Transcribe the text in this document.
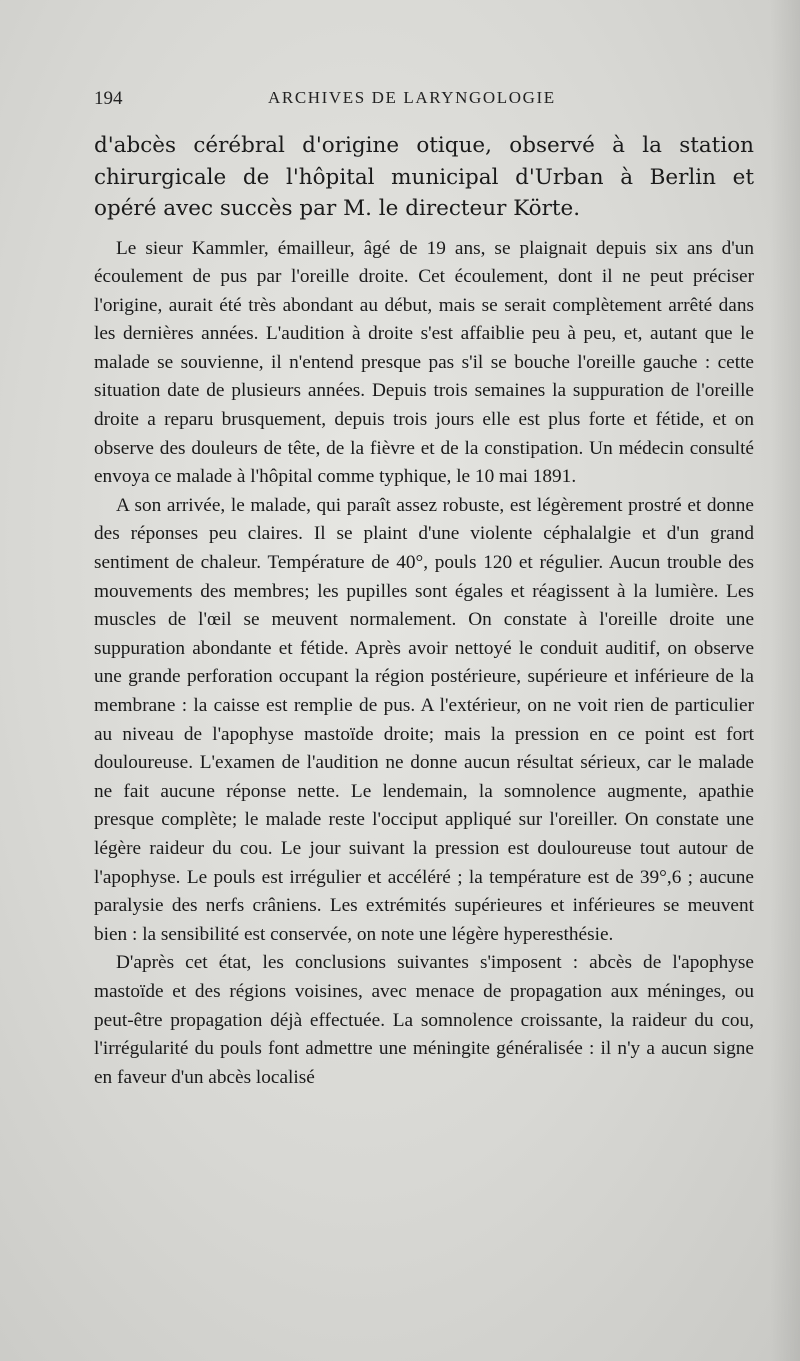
194	ARCHIVES DE LARYNGOLOGIE

d'abcès cérébral d'origine otique, observé à la station chirurgicale de l'hôpital municipal d'Urban à Berlin et opéré avec succès par M. le directeur Körte.

Le sieur Kammler, émailleur, âgé de 19 ans, se plaignait depuis six ans d'un écoulement de pus par l'oreille droite. Cet écoulement, dont il ne peut préciser l'origine, aurait été très abondant au début, mais se serait complètement arrêté dans les dernières années. L'audition à droite s'est affaiblie peu à peu, et, autant que le malade se souvienne, il n'entend presque pas s'il se bouche l'oreille gauche : cette situation date de plusieurs années. Depuis trois semaines la suppuration de l'oreille droite a reparu brusquement, depuis trois jours elle est plus forte et fétide, et on observe des douleurs de tête, de la fièvre et de la constipation. Un médecin consulté envoya ce malade à l'hôpital comme typhique, le 10 mai 1891.

A son arrivée, le malade, qui paraît assez robuste, est légèrement prostré et donne des réponses peu claires. Il se plaint d'une violente céphalalgie et d'un grand sentiment de chaleur. Température de 40°, pouls 120 et régulier. Aucun trouble des mouvements des membres; les pupilles sont égales et réagissent à la lumière. Les muscles de l'œil se meuvent normalement. On constate à l'oreille droite une suppuration abondante et fétide. Après avoir nettoyé le conduit auditif, on observe une grande perforation occupant la région postérieure, supérieure et inférieure de la membrane : la caisse est remplie de pus. A l'extérieur, on ne voit rien de particulier au niveau de l'apophyse mastoïde droite; mais la pression en ce point est fort douloureuse. L'examen de l'audition ne donne aucun résultat sérieux, car le malade ne fait aucune réponse nette. Le lendemain, la somnolence augmente, apathie presque complète; le malade reste l'occiput appliqué sur l'oreiller. On constate une légère raideur du cou. Le jour suivant la pression est douloureuse tout autour de l'apophyse. Le pouls est irrégulier et accéléré ; la température est de 39°,6 ; aucune paralysie des nerfs crâniens. Les extrémités supérieures et inférieures se meuvent bien : la sensibilité est conservée, on note une légère hyperesthésie.

D'après cet état, les conclusions suivantes s'imposent : abcès de l'apophyse mastoïde et des régions voisines, avec menace de propagation aux méninges, ou peut-être propagation déjà effectuée. La somnolence croissante, la raideur du cou, l'irrégularité du pouls font admettre une méningite généralisée : il n'y a aucun signe en faveur d'un abcès localisé
